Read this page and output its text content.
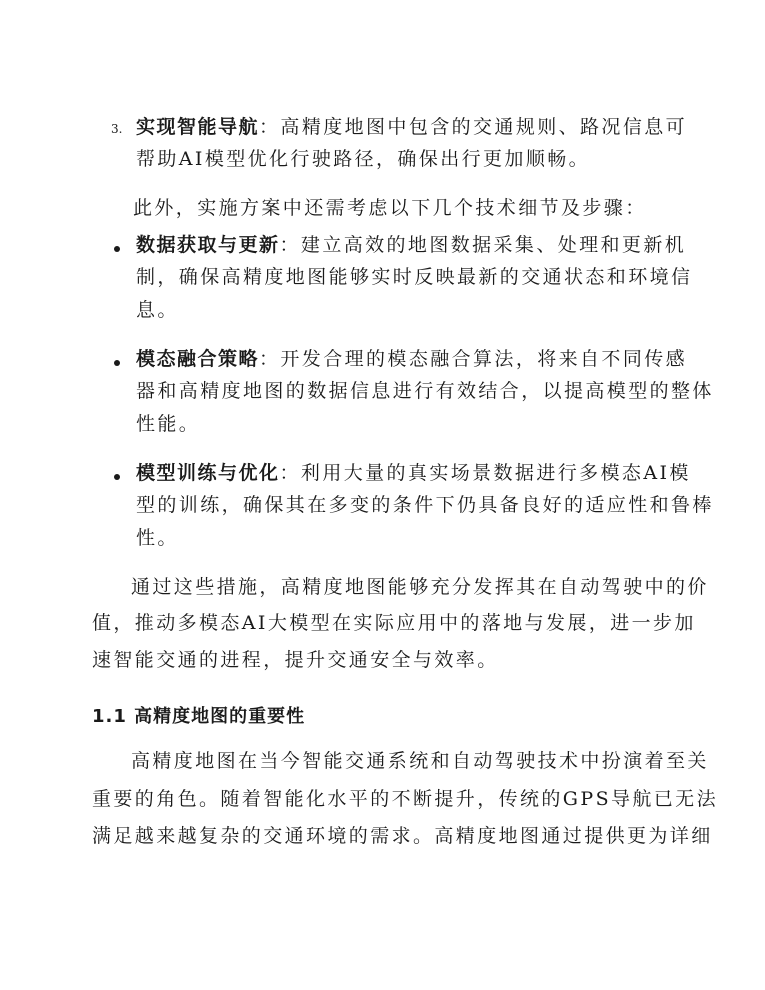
3. 实现智能导航：高精度地图中包含的交通规则、路况信息可
帮助AI模型优化行驶路径，确保出行更加顺畅。
此外，实施方案中还需考虑以下几个技术细节及步骤：
数据获取与更新：建立高效的地图数据采集、处理和更新机
制，确保高精度地图能够实时反映最新的交通状态和环境信
息。
模态融合策略：开发合理的模态融合算法，将来自不同传感
器和高精度地图的数据信息进行有效结合，以提高模型的整体
性能。
模型训练与优化：利用大量的真实场景数据进行多模态AI模
型的训练，确保其在多变的条件下仍具备良好的适应性和鲁棒
性。
通过这些措施，高精度地图能够充分发挥其在自动驾驶中的价
值，推动多模态AI大模型在实际应用中的落地与发展，进一步加
速智能交通的进程，提升交通安全与效率。
1.1 高精度地图的重要性
高精度地图在当今智能交通系统和自动驾驶技术中扮演着至关
重要的角色。随着智能化水平的不断提升，传统的GPS导航已无法
满足越来越复杂的交通环境的需求。高精度地图通过提供更为详细
